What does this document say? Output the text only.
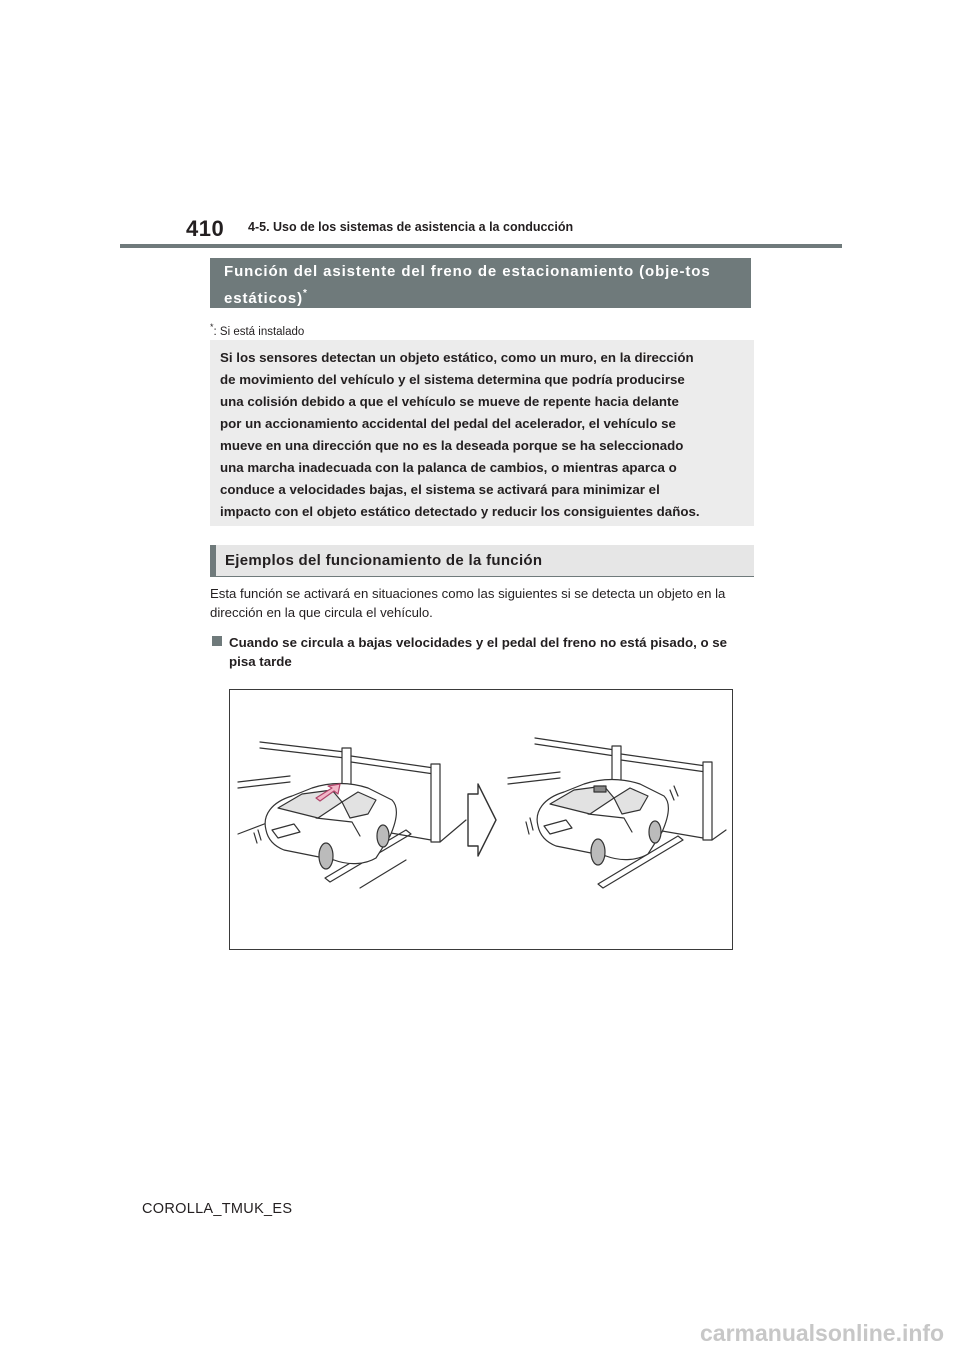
410 4-5. Uso de los sistemas de asistencia a la conducción
Función del asistente del freno de estacionamiento (obje-tos estáticos)*
*: Si está instalado
Si los sensores detectan un objeto estático, como un muro, en la dirección
de movimiento del vehículo y el sistema determina que podría producirse
una colisión debido a que el vehículo se mueve de repente hacia delante
por un accionamiento accidental del pedal del acelerador, el vehículo se
mueve en una dirección que no es la deseada porque se ha seleccionado
una marcha inadecuada con la palanca de cambios, o mientras aparca o
conduce a velocidades bajas, el sistema se activará para minimizar el
impacto con el objeto estático detectado y reducir los consiguientes daños.
Ejemplos del funcionamiento de la función
Esta función se activará en situaciones como las siguientes si se detecta un objeto en la dirección en la que circula el vehículo.
Cuando se circula a bajas velocidades y el pedal del freno no está pisado, o se pisa tarde
COROLLA_TMUK_ES
carmanualsonline.info
